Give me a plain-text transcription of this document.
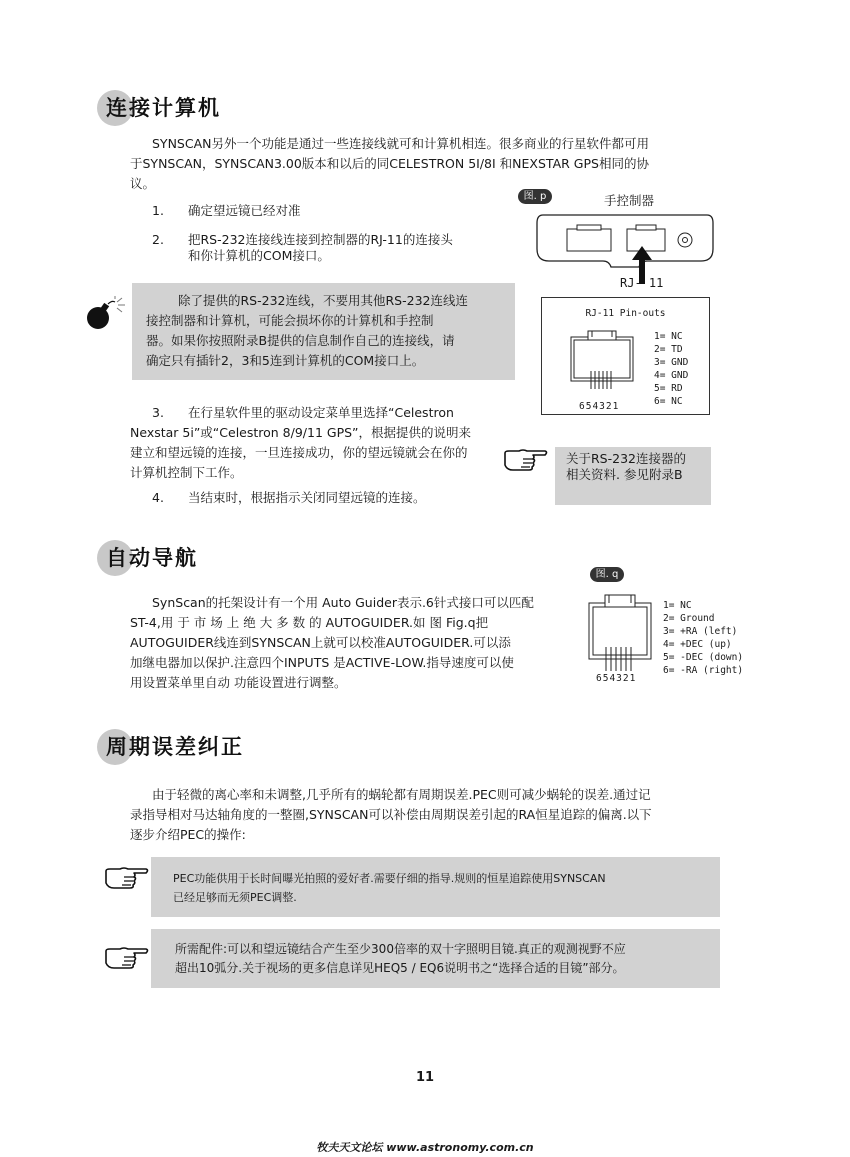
连接计算机
SYNSCAN另外一个功能是通过一些连接线就可和计算机相连。很多商业的行星软件都可用
于SYNSCAN，SYNSCAN3.00版本和以后的同CELESTRON 5I/8I 和NEXSTAR GPS相同的协
议。
1. 确定望远镜已经对准
2. 把RS-232连接线连接到控制器的RJ-11的连接头
和你计算机的COM接口。
除了提供的RS-232连线，不要用其他RS-232连线连
接控制器和计算机，可能会损坏你的计算机和手控制
器。如果你按照附录B提供的信息制作自己的连接线，请
确定只有插针2，3和5连到计算机的COM接口上。
3. 在行星软件里的驱动设定菜单里选择“Celestron
Nexstar 5i”或“Celestron 8/9/11 GPS”，根据提供的说明来
建立和望远镜的连接，一旦连接成功，你的望远镜就会在你的
计算机控制下工作。
4. 当结束时，根据指示关闭同望远镜的连接。
图. p	手控制器
RJ- 11
RJ-11 Pin-outs
654321
1= NC
2= TD
3= GND
4= GND
5= RD
6= NC
关于RS-232连接器的
相关资料. 参见附录B
自动导航
SynScan的托架设计有一个用 Auto Guider表示.6针式接口可以匹配
ST-4,用 于 市 场 上 绝 大 多 数 的 AUTOGUIDER.如 图 Fig.q把
AUTOGUIDER线连到SYNSCAN上就可以校准AUTOGUIDER.可以添
加继电器加以保护.注意四个INPUTS 是ACTIVE-LOW.指导速度可以使
用设置菜单里自动 功能设置进行调整。
图. q
654321
1= NC
2= Ground
3= +RA (left)
4= +DEC (up)
5= -DEC (down)
6= -RA (right)
周期误差纠正
由于轻微的离心率和未调整,几乎所有的蜗轮都有周期误差.PEC则可减少蜗轮的误差.通过记
录指导相对马达轴角度的一整圈,SYNSCAN可以补偿由周期误差引起的RA恒星追踪的偏离.以下
逐步介绍PEC的操作:
PEC功能供用于长时间曝光拍照的爱好者.需要仔细的指导.规则的恒星追踪使用SYNSCAN
已经足够而无须PEC调整.
所需配件:可以和望远镜结合产生至少300倍率的双十字照明目镜.真正的观测视野不应
超出10弧分.关于视场的更多信息详见HEQ5 / EQ6说明书之“选择合适的目镜”部分。
11
牧夫天文论坛 www.astronomy.com.cn
